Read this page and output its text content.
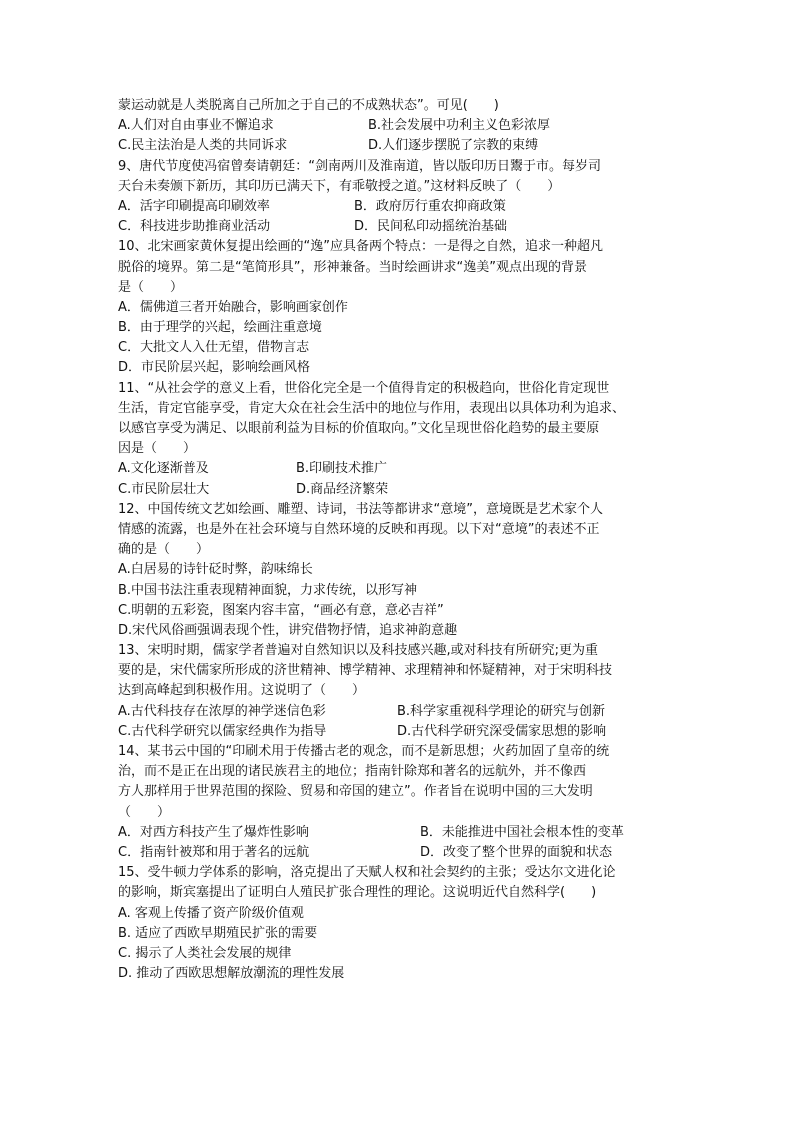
蒙运动就是人类脱离自己所加之于自己的不成熟状态”。可见(　　)
A.人们对自由事业不懈追求	B.社会发展中功利主义色彩浓厚
C.民主法治是人类的共同诉求	D.人们逐步摆脱了宗教的束缚
9、唐代节度使冯宿曾奏请朝廷：“剑南两川及淮南道，皆以版印历日鬻于市。每岁司
天台未奏颁下新历，其印历已满天下，有乖敬授之道。”这材料反映了（　　）
A．活字印刷提高印刷效率	B．政府厉行重农抑商政策
C．科技进步助推商业活动	D．民间私印动摇统治基础
10、北宋画家黄休复提出绘画的“逸”应具备两个特点：一是得之自然，追求一种超凡
脱俗的境界。第二是“笔简形具”，形神兼备。当时绘画讲求“逸美”观点出现的背景
是（　　）
A．儒佛道三者开始融合，影响画家创作
B．由于理学的兴起，绘画注重意境
C．大批文人入仕无望，借物言志
D．市民阶层兴起，影响绘画风格
11、“从社会学的意义上看，世俗化完全是一个值得肯定的积极趋向，世俗化肯定现世
生活，肯定官能享受，肯定大众在社会生活中的地位与作用，表现出以具体功利为追求、
以感官享受为满足、以眼前利益为目标的价值取向。”文化呈现世俗化趋势的最主要原
因是（　　）
A.文化逐渐普及	B.印刷技术推广
C.市民阶层壮大	D.商品经济繁荣
12、中国传统文艺如绘画、雕塑、诗词，书法等都讲求“意境”，意境既是艺术家个人
情感的流露，也是外在社会环境与自然环境的反映和再现。以下对“意境”的表述不正
确的是（　　）
A.白居易的诗针砭时弊，韵味绵长
B.中国书法注重表现精神面貌，力求传统，以形写神
C.明朝的五彩瓷，图案内容丰富，“画必有意，意必吉祥”
D.宋代风俗画强调表现个性，讲究借物抒情，追求神韵意趣
13、宋明时期，儒家学者普遍对自然知识以及科技感兴趣,或对科技有所研究;更为重
要的是，宋代儒家所形成的济世精神、博学精神、求理精神和怀疑精神，对于宋明科技
达到高峰起到积极作用。这说明了（　　）
A.古代科技存在浓厚的神学迷信色彩	B.科学家重视科学理论的研究与创新
C.古代科学研究以儒家经典作为指导	D.古代科学研究深受儒家思想的影响
14、某书云中国的“印刷术用于传播古老的观念，而不是新思想；火药加固了皇帝的统
治，而不是正在出现的诸民族君主的地位；指南针除郑和著名的远航外，并不像西
方人那样用于世界范围的探险、贸易和帝国的建立”。作者旨在说明中国的三大发明
（　　）
A．对西方科技产生了爆炸性影响	B．未能推进中国社会根本性的变革
C．指南针被郑和用于著名的远航	D．改变了整个世界的面貌和状态
15、受牛顿力学体系的影响，洛克提出了天赋人权和社会契约的主张；受达尔文进化论
的影响，斯宾塞提出了证明白人殖民扩张合理性的理论。这说明近代自然科学(　　)
A. 客观上传播了资产阶级价值观
B. 适应了西欧早期殖民扩张的需要
C. 揭示了人类社会发展的规律
D. 推动了西欧思想解放潮流的理性发展
